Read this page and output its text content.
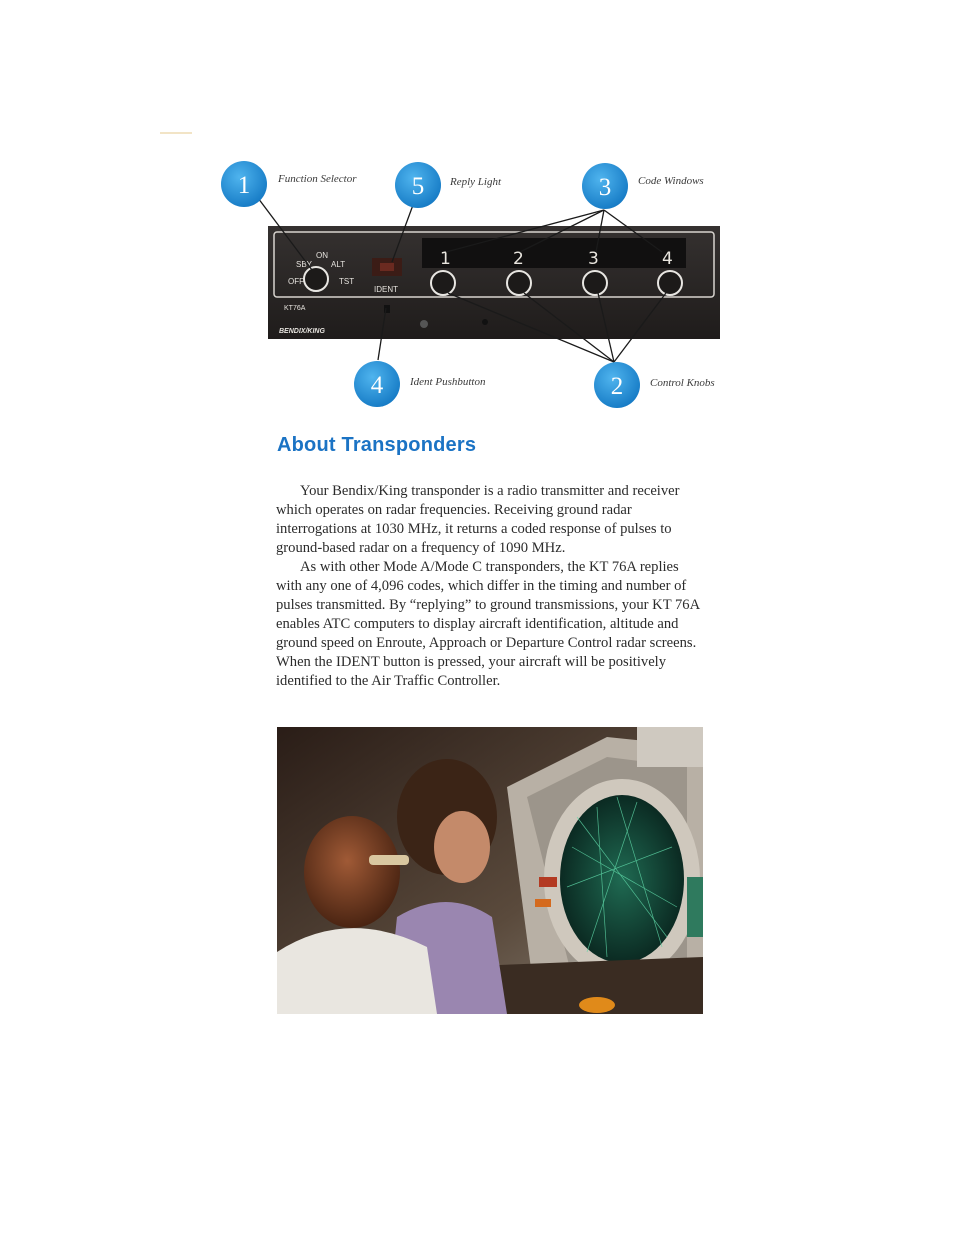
ON
SBY ALT
OFF	TST
IDENT
KT76A
BENDIX/KING
1	2	3	4
1	5	3
4	2
Function Selector	Reply Light	Code Windows
Ident Pushbutton	Control Knobs
About Transponders

Your Bendix/King transponder is a radio transmitter and receiver which operates on radar frequencies. Receiving ground radar interrogations at 1030 MHz, it returns a coded response of pulses to ground-based radar on a frequency of 1090 MHz.

As with other Mode A/Mode C transponders, the KT 76A replies with any one of 4,096 codes, which differ in the timing and number of pulses transmitted. By “replying” to ground transmissions, your KT 76A enables ATC computers to display aircraft identification, altitude and ground speed on Enroute, Approach or Departure Control radar screens. When the IDENT button is pressed, your aircraft will be positively identified to the Air Traffic Controller.
